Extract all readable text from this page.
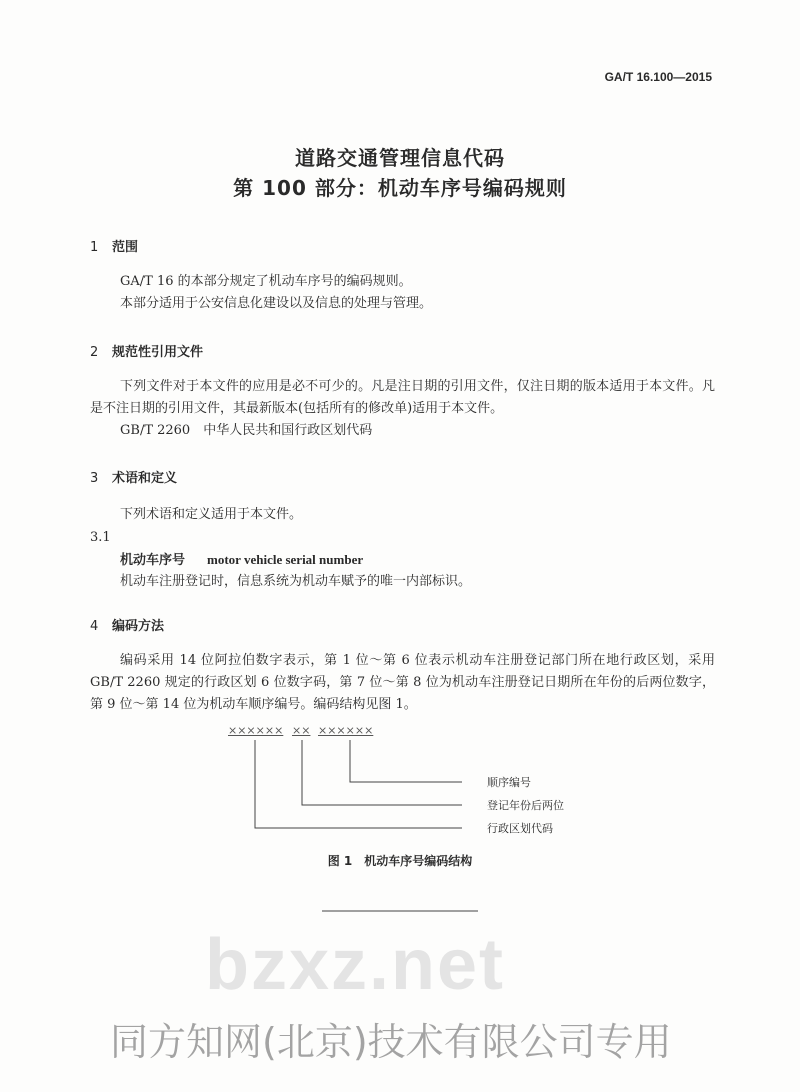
GA/T 16.100—2015
道路交通管理信息代码
第 100 部分：机动车序号编码规则
1 范围
GA/T 16 的本部分规定了机动车序号的编码规则。
本部分适用于公安信息化建设以及信息的处理与管理。
2 规范性引用文件
下列文件对于本文件的应用是必不可少的。凡是注日期的引用文件，仅注日期的版本适用于本文件。凡是不注日期的引用文件，其最新版本(包括所有的修改单)适用于本文件。
GB/T 2260　中华人民共和国行政区划代码
3 术语和定义
下列术语和定义适用于本文件。
3.1
机动车序号 motor vehicle serial number
机动车注册登记时，信息系统为机动车赋予的唯一内部标识。
4 编码方法
编码采用 14 位阿拉伯数字表示，第 1 位～第 6 位表示机动车注册登记部门所在地行政区划，采用 GB/T 2260 规定的行政区划 6 位数字码，第 7 位～第 8 位为机动车注册登记日期所在年份的后两位数字，第 9 位～第 14 位为机动车顺序编号。编码结构见图 1。
×××××× ×× ××××××
顺序编号
登记年份后两位
行政区划代码
图 1　机动车序号编码结构
bzxz.net
同方知网(北京)技术有限公司专用
